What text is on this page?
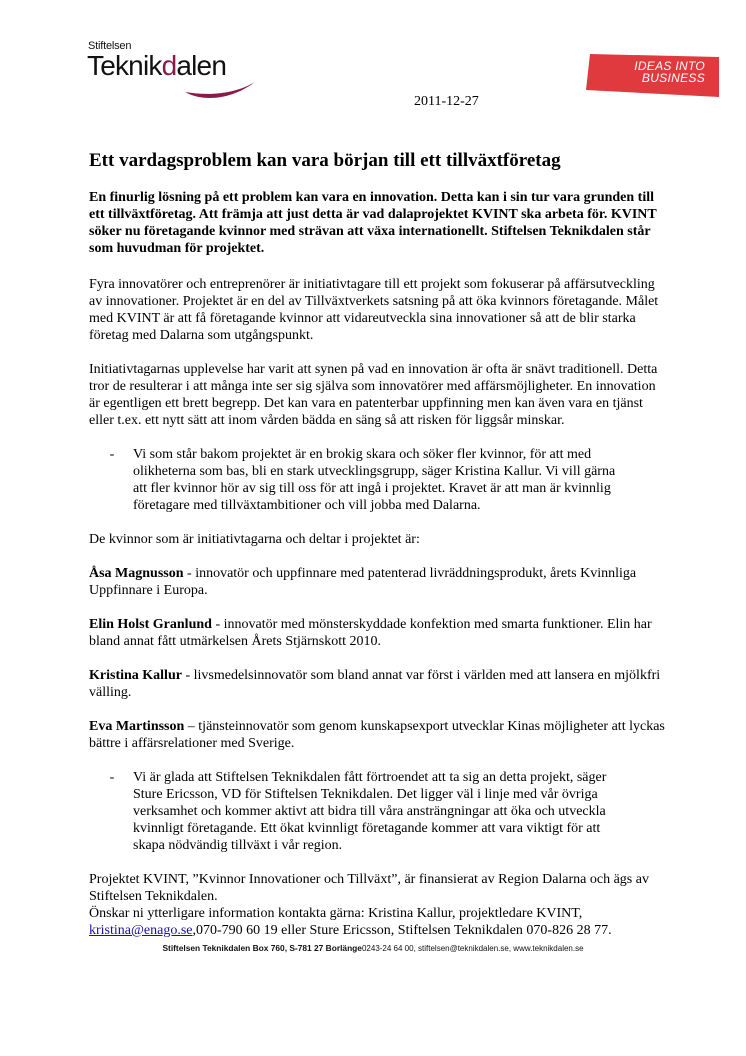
Stiftelsen
Teknikdalen	IDEAS INTO
BUSINESS
2011-12-27
Ett vardagsproblem kan vara början till ett tillväxtföretag

En finurlig lösning på ett problem kan vara en innovation. Detta kan i sin tur vara grunden till ett tillväxtföretag. Att främja att just detta är vad dalaprojektet KVINT ska arbeta för. KVINT söker nu företagande kvinnor med strävan att växa internationellt. Stiftelsen Teknikdalen står som huvudman för projektet.

Fyra innovatörer och entreprenörer är initiativtagare till ett projekt som fokuserar på affärsutveckling av innovationer. Projektet är en del av Tillväxtverkets satsning på att öka kvinnors företagande. Målet med KVINT är att få företagande kvinnor att vidareutveckla sina innovationer så att de blir starka företag med Dalarna som utgångspunkt.

Initiativtagarnas upplevelse har varit att synen på vad en innovation är ofta är snävt traditionell. Detta tror de resulterar i att många inte ser sig själva som innovatörer med affärsmöjligheter. En innovation är egentligen ett brett begrepp. Det kan vara en patenterbar uppfinning men kan även vara en tjänst eller t.ex. ett nytt sätt att inom vården bädda en säng så att risken för liggsår minskar.

-	Vi som står bakom projektet är en brokig skara och söker fler kvinnor, för att med olikheterna som bas, bli en stark utvecklingsgrupp, säger Kristina Kallur. Vi vill gärna att fler kvinnor hör av sig till oss för att ingå i projektet. Kravet är att man är kvinnlig företagare med tillväxtambitioner och vill jobba med Dalarna.

De kvinnor som är initiativtagarna och deltar i projektet är:

Åsa Magnusson - innovatör och uppfinnare med patenterad livräddningsprodukt, årets Kvinnliga Uppfinnare i Europa.

Elin Holst Granlund - innovatör med mönsterskyddade konfektion med smarta funktioner. Elin har bland annat fått utmärkelsen Årets Stjärnskott 2010.

Kristina Kallur - livsmedelsinnovatör som bland annat var först i världen med att lansera en mjölkfri välling.

Eva Martinsson – tjänsteinnovatör som genom kunskapsexport utvecklar Kinas möjligheter att lyckas bättre i affärsrelationer med Sverige.

-	Vi är glada att Stiftelsen Teknikdalen fått förtroendet att ta sig an detta projekt, säger Sture Ericsson, VD för Stiftelsen Teknikdalen. Det ligger väl i linje med vår övriga verksamhet och kommer aktivt att bidra till våra ansträngningar att öka och utveckla kvinnligt företagande. Ett ökat kvinnligt företagande kommer att vara viktigt för att skapa nödvändig tillväxt i vår region.

Projektet KVINT, ”Kvinnor Innovationer och Tillväxt”, är finansierat av Region Dalarna och ägs av Stiftelsen Teknikdalen.

Önskar ni ytterligare information kontakta gärna: Kristina Kallur, projektledare KVINT,
kristina@enago.se,070-790 60 19 eller Sture Ericsson, Stiftelsen Teknikdalen 070-826 28 77.

Stiftelsen Teknikdalen Box 760, S-781 27 Borlänge0243-24 64 00, stiftelsen@teknikdalen.se, www.teknikdalen.se
